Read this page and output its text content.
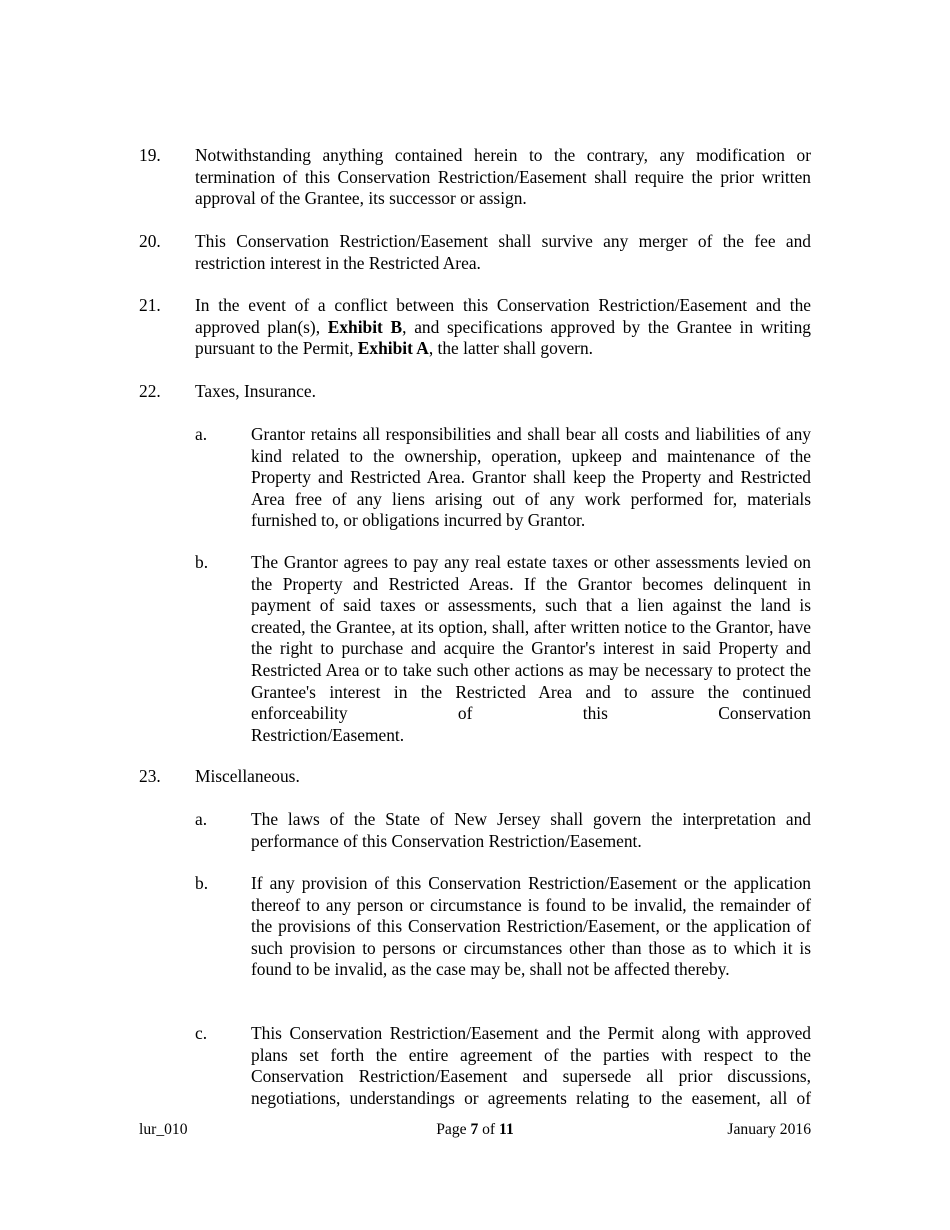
19. Notwithstanding anything contained herein to the contrary, any modification or termination of this Conservation Restriction/Easement shall require the prior written approval of the Grantee, its successor or assign.
20. This Conservation Restriction/Easement shall survive any merger of the fee and restriction interest in the Restricted Area.
21. In the event of a conflict between this Conservation Restriction/Easement and the approved plan(s), Exhibit B, and specifications approved by the Grantee in writing pursuant to the Permit, Exhibit A, the latter shall govern.
22. Taxes, Insurance.
a.	Grantor retains all responsibilities and shall bear all costs and liabilities of any kind related to the ownership, operation, upkeep and maintenance of the Property and Restricted Area. Grantor shall keep the Property and Restricted Area free of any liens arising out of any work performed for, materials furnished to, or obligations incurred by Grantor.
b. The Grantor agrees to pay any real estate taxes or other assessments levied on the Property and Restricted Areas. If the Grantor becomes delinquent in payment of said taxes or assessments, such that a lien against the land is created, the Grantee, at its option, shall, after written notice to the Grantor, have the right to purchase and acquire the Grantor's interest in said Property and Restricted Area or to take such other actions as may be necessary to protect the Grantee's interest in the Restricted Area and to assure the continued enforceability of this Conservation
Restriction/Easement.
23. Miscellaneous.
a.	The laws of the State of New Jersey shall govern the interpretation and performance of this Conservation Restriction/Easement.
b. If any provision of this Conservation Restriction/Easement or the application thereof to any person or circumstance is found to be invalid, the remainder of the provisions of this Conservation Restriction/Easement, or the application of such provision to persons or circumstances other than those as to which it is found to be invalid, as the case may be, shall not be affected thereby.
c.	This Conservation Restriction/Easement and the Permit along with approved plans set forth the entire agreement of the parties with respect to the Conservation Restriction/Easement and supersede all prior discussions, negotiations, understandings or agreements relating to the easement, all of
lur_010	Page 7 of 11	January 2016
